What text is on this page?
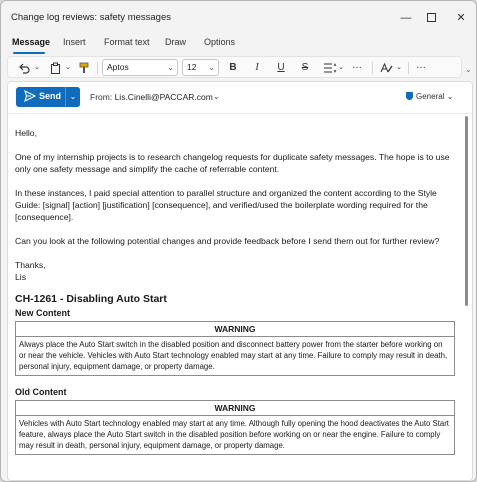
Change log reviews: safety messages	—	✕
Message Insert Format text Draw Options
⌄	⌄	Aptos	⌄	12 ⌄	B	I	U	S	⌄ ···	⌄	···	⌄
Send	⌄	From: Lis.Cinelli@PACCAR.com ⌄	General ⌄

Hello,

One of my internship projects is to research changelog requests for duplicate safety messages. The hope is to use only one safety message and simplify the cache of referrable content.

In these instances, I paid special attention to parallel structure and organized the content according to the Style Guide: [signal] [action] [justification] [consequence], and verified/used the boilerplate wording required for the [consequence].

Can you look at the following potential changes and provide feedback before I send them out for further review?

Thanks,

Lis

CH-1261 - Disabling Auto Start
New Content
WARNING
Always place the Auto Start switch in the disabled position and disconnect battery power from the starter before working on or near the vehicle. Vehicles with Auto Start technology enabled may start at any time. Failure to comply may result in death, personal injury, equipment damage, or property damage.
Old Content
WARNING
Vehicles with Auto Start technology enabled may start at any time. Although fully opening the hood deactivates the Auto Start feature, always place the Auto Start switch in the disabled position before working on or near the engine. Failure to comply may result in death, personal injury, equipment damage, or property damage.
